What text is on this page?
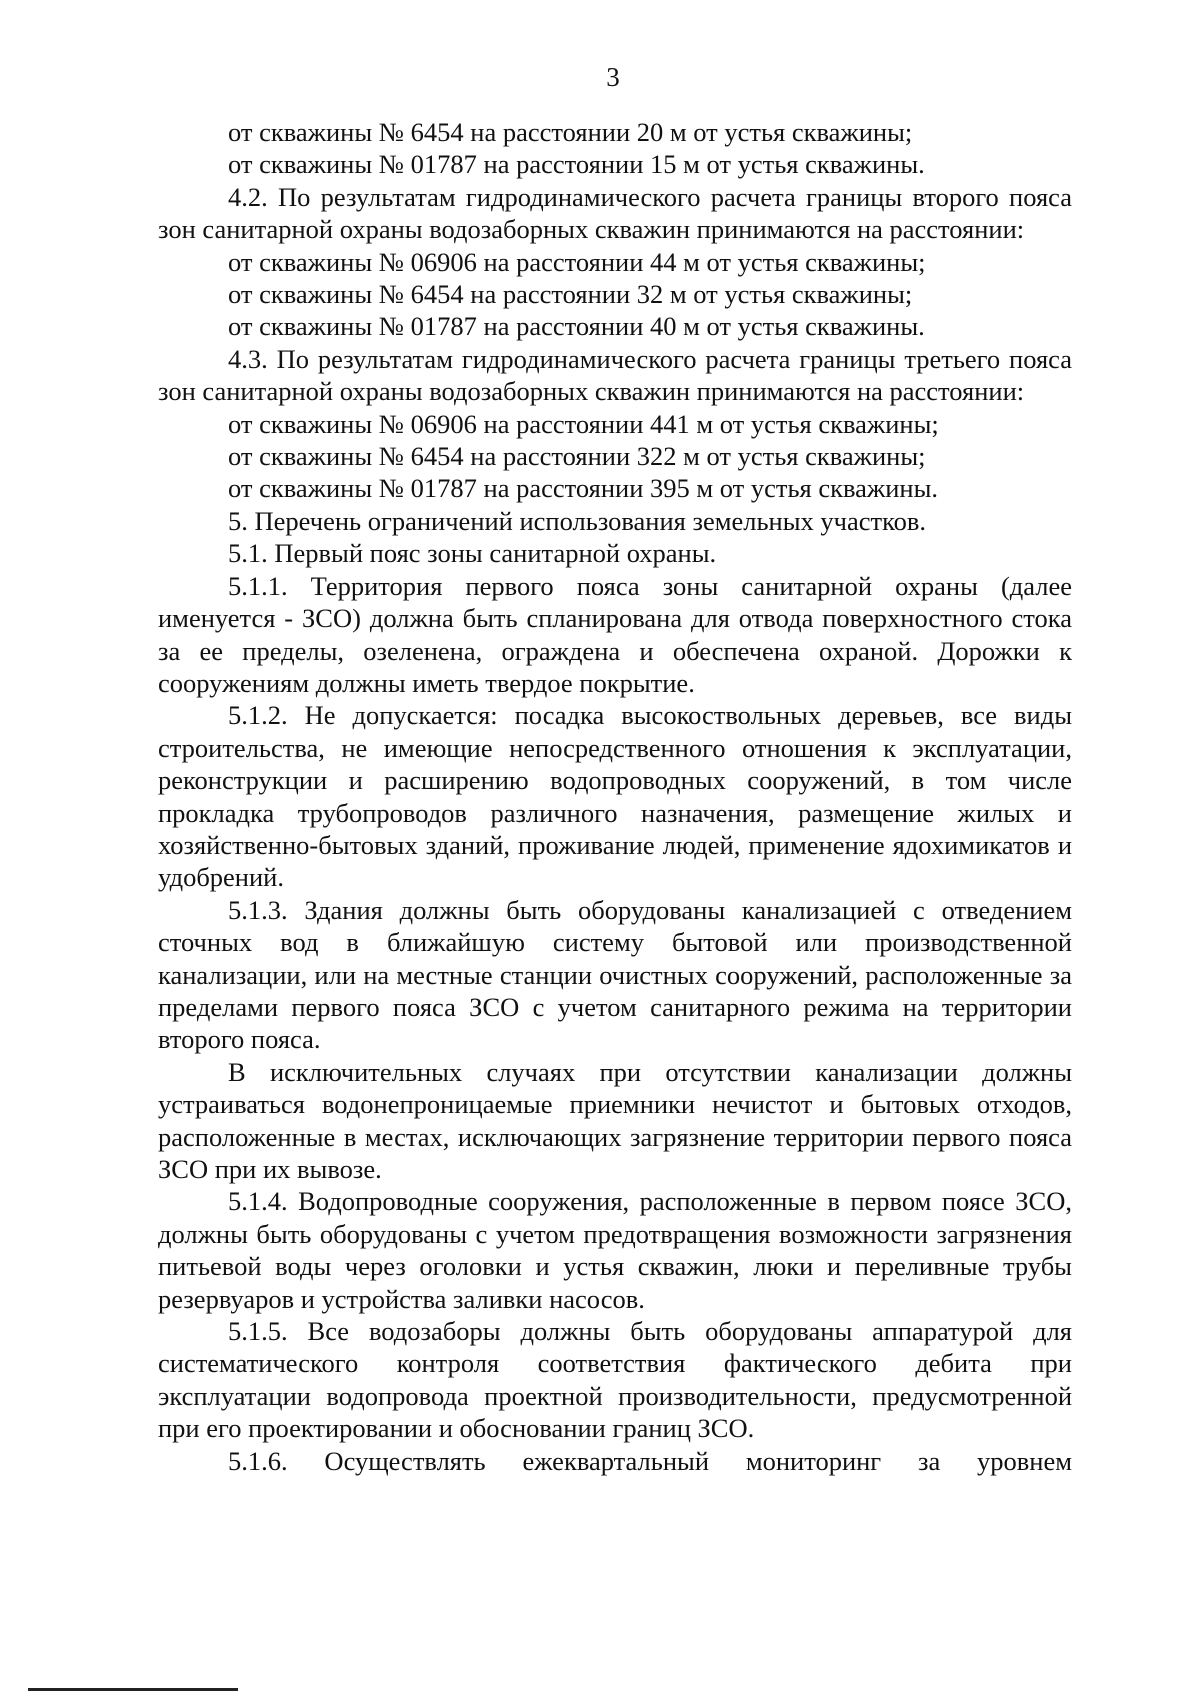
3

от скважины № 6454 на расстоянии 20 м от устья скважины;

от скважины № 01787 на расстоянии 15 м от устья скважины.

4.2. По результатам гидродинамического расчета границы второго пояса зон санитарной охраны водозаборных скважин принимаются на расстоянии:

от скважины № 06906 на расстоянии 44 м от устья скважины;

от скважины № 6454 на расстоянии 32 м от устья скважины;

от скважины № 01787 на расстоянии 40 м от устья скважины.

4.3. По результатам гидродинамического расчета границы третьего пояса зон санитарной охраны водозаборных скважин принимаются на расстоянии:

от скважины № 06906 на расстоянии 441 м от устья скважины;

от скважины № 6454 на расстоянии 322 м от устья скважины;

от скважины № 01787 на расстоянии 395 м от устья скважины.

5. Перечень ограничений использования земельных участков.

5.1. Первый пояс зоны санитарной охраны.

5.1.1. Территория первого пояса зоны санитарной охраны (далее именуется - ЗСО) должна быть спланирована для отвода поверхностного стока за ее пределы, озеленена, ограждена и обеспечена охраной. Дорожки к сооружениям должны иметь твердое покрытие.

5.1.2. Не допускается: посадка высокоствольных деревьев, все виды строительства, не имеющие непосредственного отношения к эксплуатации, реконструкции и расширению водопроводных сооружений, в том числе прокладка трубопроводов различного назначения, размещение жилых и хозяйственно-бытовых зданий, проживание людей, применение ядохимикатов и удобрений.

5.1.3. Здания должны быть оборудованы канализацией с отведением сточных вод в ближайшую систему бытовой или производственной канализации, или на местные станции очистных сооружений, расположенные за пределами первого пояса ЗСО с учетом санитарного режима на территории второго пояса.

В исключительных случаях при отсутствии канализации должны устраиваться водонепроницаемые приемники нечистот и бытовых отходов, расположенные в местах, исключающих загрязнение территории первого пояса ЗСО при их вывозе.

5.1.4. Водопроводные сооружения, расположенные в первом поясе ЗСО, должны быть оборудованы с учетом предотвращения возможности загрязнения питьевой воды через оголовки и устья скважин, люки и переливные трубы резервуаров и устройства заливки насосов.

5.1.5. Все водозаборы должны быть оборудованы аппаратурой для систематического контроля соответствия фактического дебита при эксплуатации водопровода проектной производительности, предусмотренной при его проектировании и обосновании границ ЗСО.

5.1.6. Осуществлять ежеквартальный мониторинг за уровнем
